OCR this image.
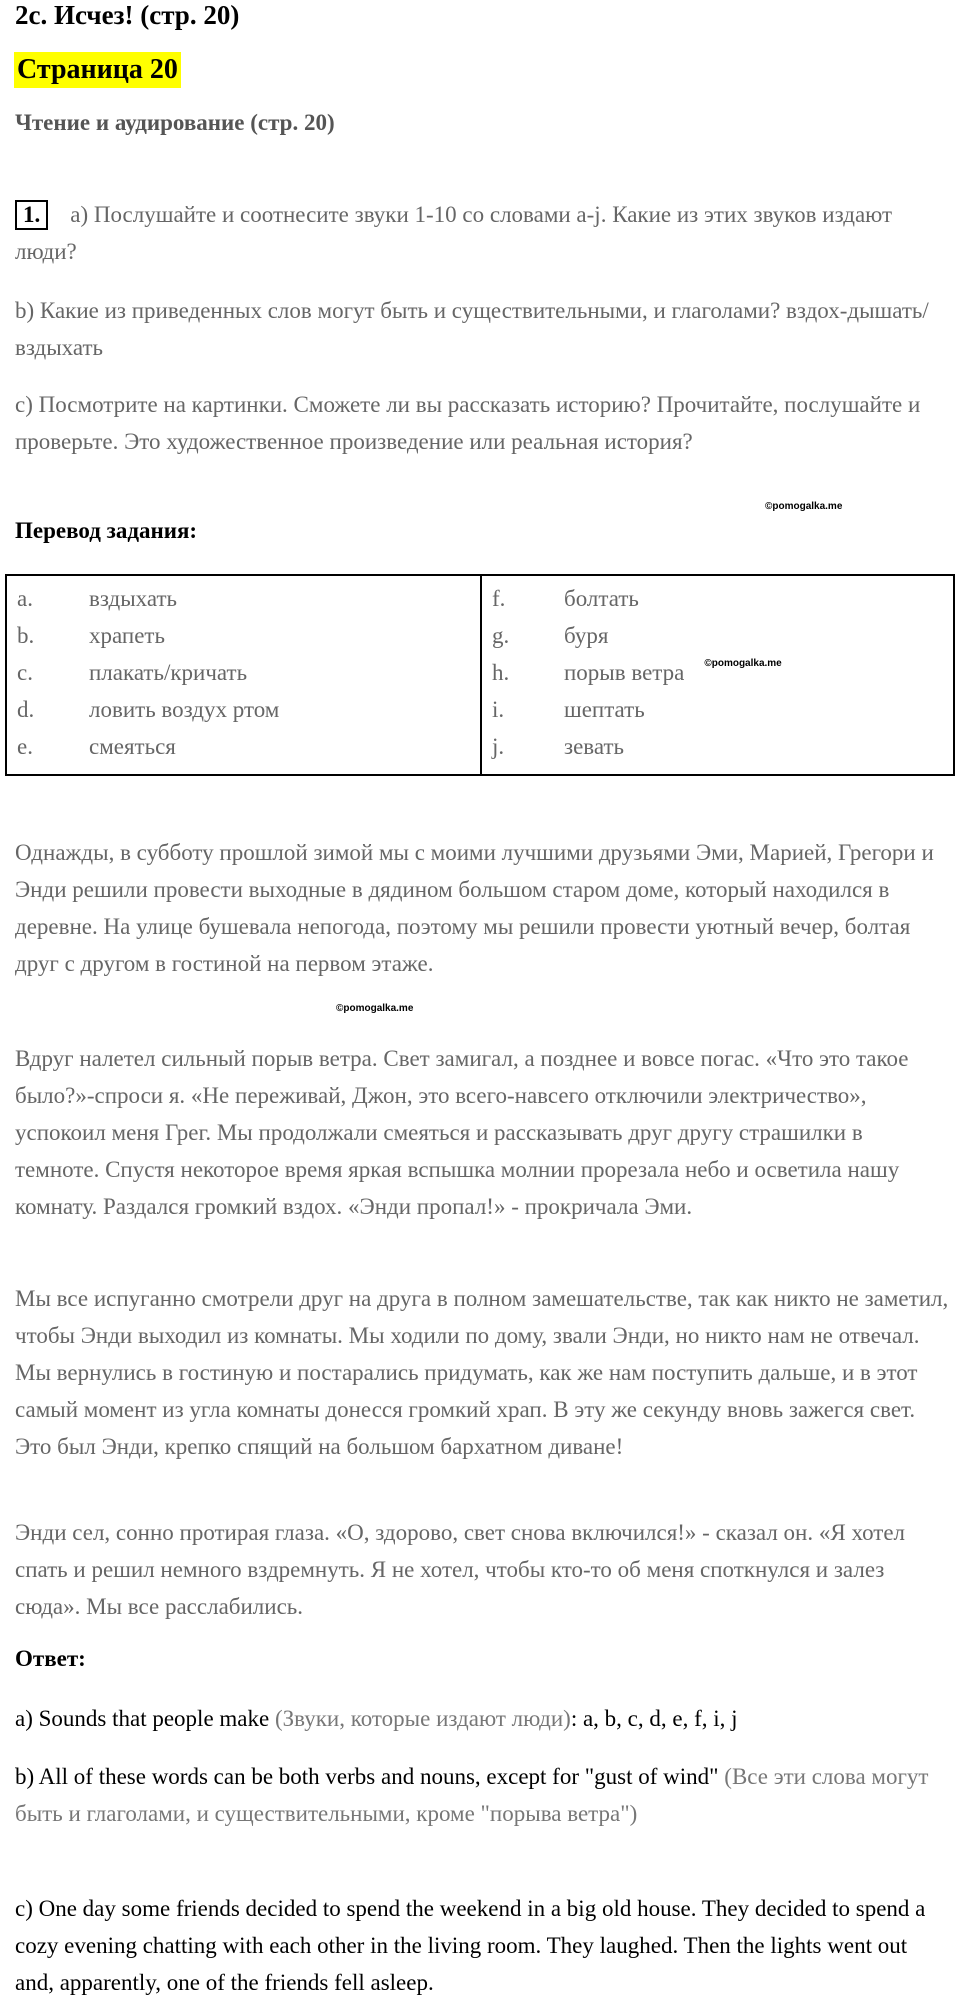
2c. Исчез! (стр. 20)
Страница 20
Чтение и аудирование (стр. 20)
1. a) Послушайте и соотнесите звуки 1-10 со словами a-j. Какие из этих звуков издают люди?
b) Какие из приведенных слов могут быть и существительными, и глаголами? вздох-дышать/вздыхать
c) Посмотрите на картинки. Сможете ли вы рассказать историю? Прочитайте, послушайте и проверьте. Это художественное произведение или реальная история?
©pomogalka.me
Перевод задания:
a.	вздыхать
b.	храпеть
c.	плакать/кричать
d.	ловить воздух ртом
e.	смеяться
f.	болтать
g.	буря
h.	порыв ветра ©pomogalka.me
i.	шептать
j.	зевать
Однажды, в субботу прошлой зимой мы с моими лучшими друзьями Эми, Марией, Грегори и Энди решили провести выходные в дядином большом старом доме, который находился в деревне. На улице бушевала непогода, поэтому мы решили провести уютный вечер, болтая друг с другом в гостиной на первом этаже.
©pomogalka.me
Вдруг налетел сильный порыв ветра. Свет замигал, а позднее и вовсе погас. «Что это такое было?»-спроси я. «Не переживай, Джон, это всего-навсего отключили электричество», успокоил меня Грег. Мы продолжали смеяться и рассказывать друг другу страшилки в темноте. Спустя некоторое время яркая вспышка молнии прорезала небо и осветила нашу комнату. Раздался громкий вздох. «Энди пропал!» - прокричала Эми.
Мы все испуганно смотрели друг на друга в полном замешательстве, так как никто не заметил, чтобы Энди выходил из комнаты. Мы ходили по дому, звали Энди, но никто нам не отвечал. Мы вернулись в гостиную и постарались придумать, как же нам поступить дальше, и в этот самый момент из угла комнаты донесся громкий храп. В эту же секунду вновь зажегся свет. Это был Энди, крепко спящий на большом бархатном диване!
Энди сел, сонно протирая глаза. «О, здорово, свет снова включился!» - сказал он. «Я хотел спать и решил немного вздремнуть. Я не хотел, чтобы кто-то об меня споткнулся и залез сюда». Мы все расслабились.
Ответ:
a) Sounds that people make (Звуки, которые издают люди): a, b, c, d, e, f, i, j
b) All of these words can be both verbs and nouns, except for "gust of wind" (Все эти слова могут быть и глаголами, и существительными, кроме "порыва ветра")
c) One day some friends decided to spend the weekend in a big old house. They decided to spend a cozy evening chatting with each other in the living room. They laughed. Then the lights went out and, apparently, one of the friends fell asleep.
